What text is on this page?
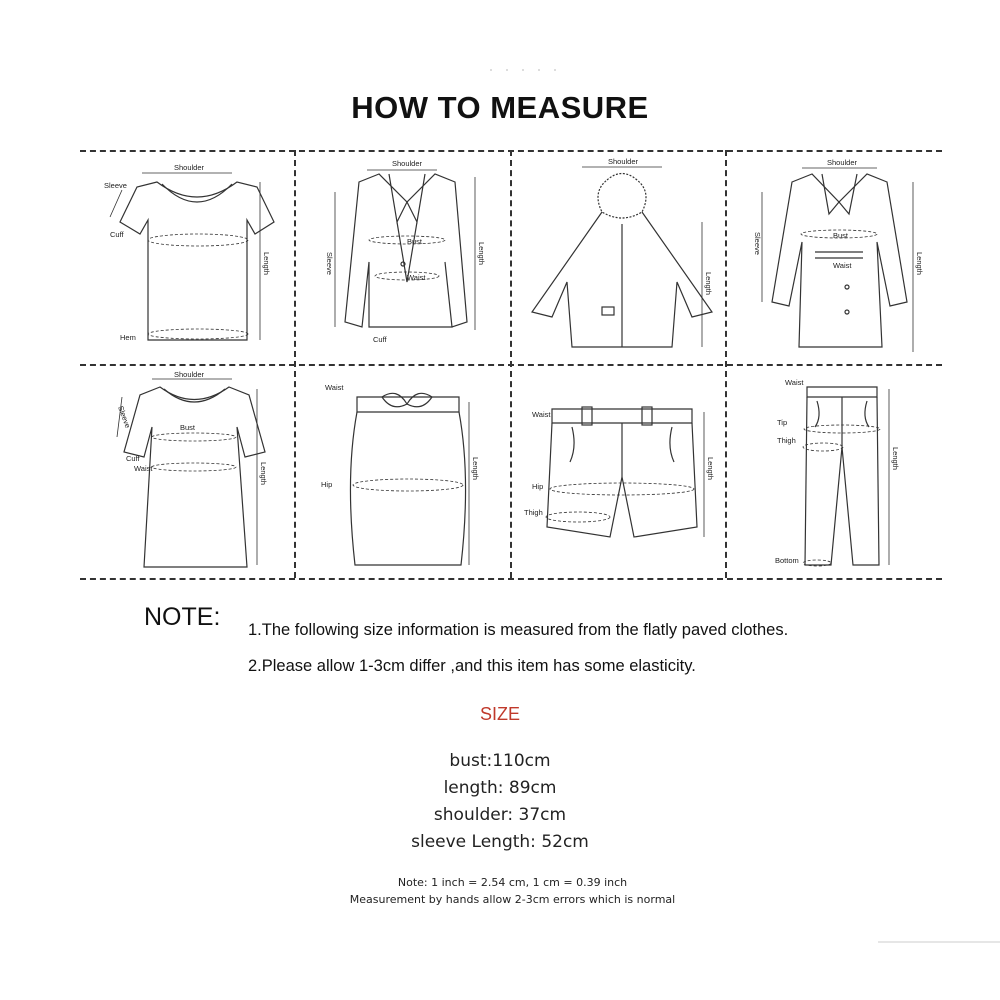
HOW TO MEASURE
Shoulder
Sleeve
Cuff
Length
Hem
Shoulder
Sleeve
Bust
Waist
Length
Cuff
Shoulder
Length
Shoulder
Sleeve	Bust
Waist	Length
Shoulder
Sleeve	Bust
Cuff
Waist	Length
Waist
Hip
Length
Waist
Hip
Thigh
Length
Waist
Tip
Thigh
Length
Bottom
NOTE: 1.The following size information is measured from the flatly paved clothes.
2.Please allow 1-3cm differ ,and this item has some elasticity.
SIZE
bust:110cm
length: 89cm
shoulder: 37cm
sleeve Length: 52cm
Note: 1 inch = 2.54 cm, 1 cm = 0.39 inch
Measurement by hands allow 2-3cm errors which is normal
